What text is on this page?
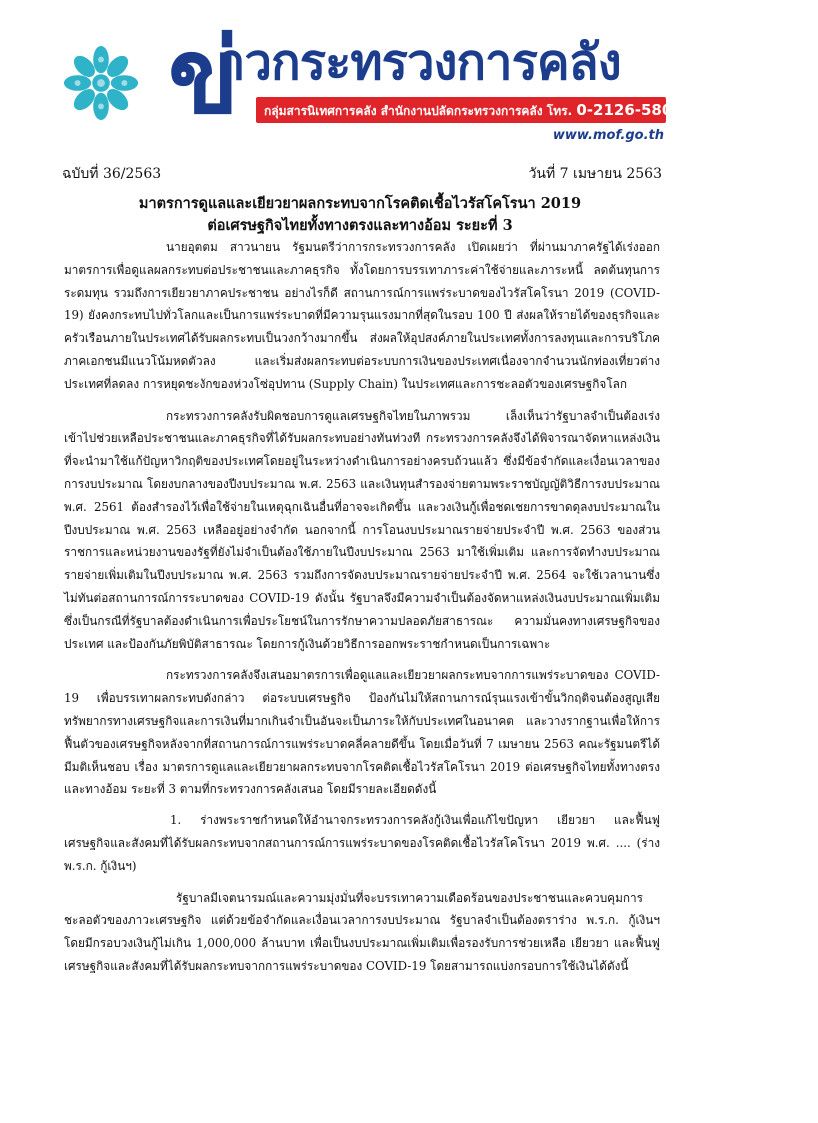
ข่
าวกระทรวงการคลัง
กลุ่มสารนิเทศการคลัง สำนักงานปลัดกระทรวงการคลัง โทร. 0-2126-5800 โทรสาร 0-2273-9763
www.mof.go.th
ฉบับที่ 36/2563	วันที่ 7 เมษายน 2563
มาตรการดูแลและเยียวยาผลกระทบจากโรคติดเชื้อไวรัสโคโรนา 2019
ต่อเศรษฐกิจไทยทั้งทางตรงและทางอ้อม ระยะที่ 3

นายอุตตม สาวนายน รัฐมนตรีว่าการกระทรวงการคลัง เปิดเผยว่า ที่ผ่านมาภาครัฐได้เร่งออกมาตรการเพื่อดูแลผลกระทบต่อประชาชนและภาคธุรกิจ ทั้งโดยการบรรเทาภาระค่าใช้จ่ายและภาระหนี้ ลดต้นทุนการระดมทุน รวมถึงการเยียวยาภาคประชาชน อย่างไรก็ดี สถานการณ์การแพร่ระบาดของไวรัสโคโรนา 2019 (COVID-19) ยังคงกระทบไปทั่วโลกและเป็นการแพร่ระบาดที่มีความรุนแรงมากที่สุดในรอบ 100 ปี ส่งผลให้รายได้ของธุรกิจและครัวเรือนภายในประเทศได้รับผลกระทบเป็นวงกว้างมากขึ้น ส่งผลให้อุปสงค์ภายในประเทศทั้งการลงทุนและการบริโภคภาคเอกชนมีแนวโน้มหดตัวลง และเริ่มส่งผลกระทบต่อระบบการเงินของประเทศเนื่องจากจำนวนนักท่องเที่ยวต่างประเทศที่ลดลง การหยุดชะงักของห่วงโซ่อุปทาน (Supply Chain) ในประเทศและการชะลอตัวของเศรษฐกิจโลก

กระทรวงการคลังรับผิดชอบการดูแลเศรษฐกิจไทยในภาพรวม เล็งเห็นว่ารัฐบาลจำเป็นต้องเร่งเข้าไปช่วยเหลือประชาชนและภาคธุรกิจที่ได้รับผลกระทบอย่างทันท่วงที กระทรวงการคลังจึงได้พิจารณาจัดหาแหล่งเงินที่จะนำมาใช้แก้ปัญหาวิกฤติของประเทศโดยอยู่ในระหว่างดำเนินการอย่างครบถ้วนแล้ว ซึ่งมีข้อจำกัดและเงื่อนเวลาของการงบประมาณ โดยงบกลางของปีงบประมาณ พ.ศ. 2563 และเงินทุนสำรองจ่ายตามพระราชบัญญัติวิธีการงบประมาณ พ.ศ. 2561 ต้องสำรองไว้เพื่อใช้จ่ายในเหตุฉุกเฉินอื่นที่อาจจะเกิดขึ้น และวงเงินกู้เพื่อชดเชยการขาดดุลงบประมาณในปีงบประมาณ พ.ศ. 2563 เหลืออยู่อย่างจำกัด นอกจากนี้ การโอนงบประมาณรายจ่ายประจำปี พ.ศ. 2563 ของส่วนราชการและหน่วยงานของรัฐที่ยังไม่จำเป็นต้องใช้ภายในปีงบประมาณ 2563 มาใช้เพิ่มเติม และการจัดทำงบประมาณรายจ่ายเพิ่มเติมในปีงบประมาณ พ.ศ. 2563 รวมถึงการจัดงบประมาณรายจ่ายประจำปี พ.ศ. 2564 จะใช้เวลานานซึ่งไม่ทันต่อสถานการณ์การระบาดของ COVID-19 ดังนั้น รัฐบาลจึงมีความจำเป็นต้องจัดหาแหล่งเงินงบประมาณเพิ่มเติม ซึ่งเป็นกรณีที่รัฐบาลต้องดำเนินการเพื่อประโยชน์ในการรักษาความปลอดภัยสาธารณะ ความมั่นคงทางเศรษฐกิจของประเทศ และป้องกันภัยพิบัติสาธารณะ โดยการกู้เงินด้วยวิธีการออกพระราชกำหนดเป็นการเฉพาะ

กระทรวงการคลังจึงเสนอมาตรการเพื่อดูแลและเยียวยาผลกระทบจากการแพร่ระบาดของ COVID-19 เพื่อบรรเทาผลกระทบดังกล่าว ต่อระบบเศรษฐกิจ ป้องกันไม่ให้สถานการณ์รุนแรงเข้าขั้นวิกฤติจนต้องสูญเสียทรัพยากรทางเศรษฐกิจและการเงินที่มากเกินจำเป็นอันจะเป็นภาระให้กับประเทศในอนาคต และวางรากฐานเพื่อให้การฟื้นตัวของเศรษฐกิจหลังจากที่สถานการณ์การแพร่ระบาดคลี่คลายดีขึ้น โดยเมื่อวันที่ 7 เมษายน 2563 คณะรัฐมนตรีได้มีมติเห็นชอบ เรื่อง มาตรการดูแลและเยียวยาผลกระทบจากโรคติดเชื้อไวรัสโคโรนา 2019 ต่อเศรษฐกิจไทยทั้งทางตรงและทางอ้อม ระยะที่ 3 ตามที่กระทรวงการคลังเสนอ โดยมีรายละเอียดดังนี้

1. ร่างพระราชกำหนดให้อำนาจกระทรวงการคลังกู้เงินเพื่อแก้ไขปัญหา เยียวยา และฟื้นฟูเศรษฐกิจและสังคมที่ได้รับผลกระทบจากสถานการณ์การแพร่ระบาดของโรคติดเชื้อไวรัสโคโรนา 2019 พ.ศ. .... (ร่าง พ.ร.ก. กู้เงินฯ)

รัฐบาลมีเจตนารมณ์และความมุ่งมั่นที่จะบรรเทาความเดือดร้อนของประชาชนและควบคุมการชะลอตัวของภาวะเศรษฐกิจ แต่ด้วยข้อจำกัดและเงื่อนเวลาการงบประมาณ รัฐบาลจำเป็นต้องตราร่าง พ.ร.ก. กู้เงินฯ โดยมีกรอบวงเงินกู้ไม่เกิน 1,000,000 ล้านบาท เพื่อเป็นงบประมาณเพิ่มเติมเพื่อรองรับการช่วยเหลือ เยียวยา และฟื้นฟูเศรษฐกิจและสังคมที่ได้รับผลกระทบจากการแพร่ระบาดของ COVID-19 โดยสามารถแบ่งกรอบการใช้เงินได้ดังนี้
